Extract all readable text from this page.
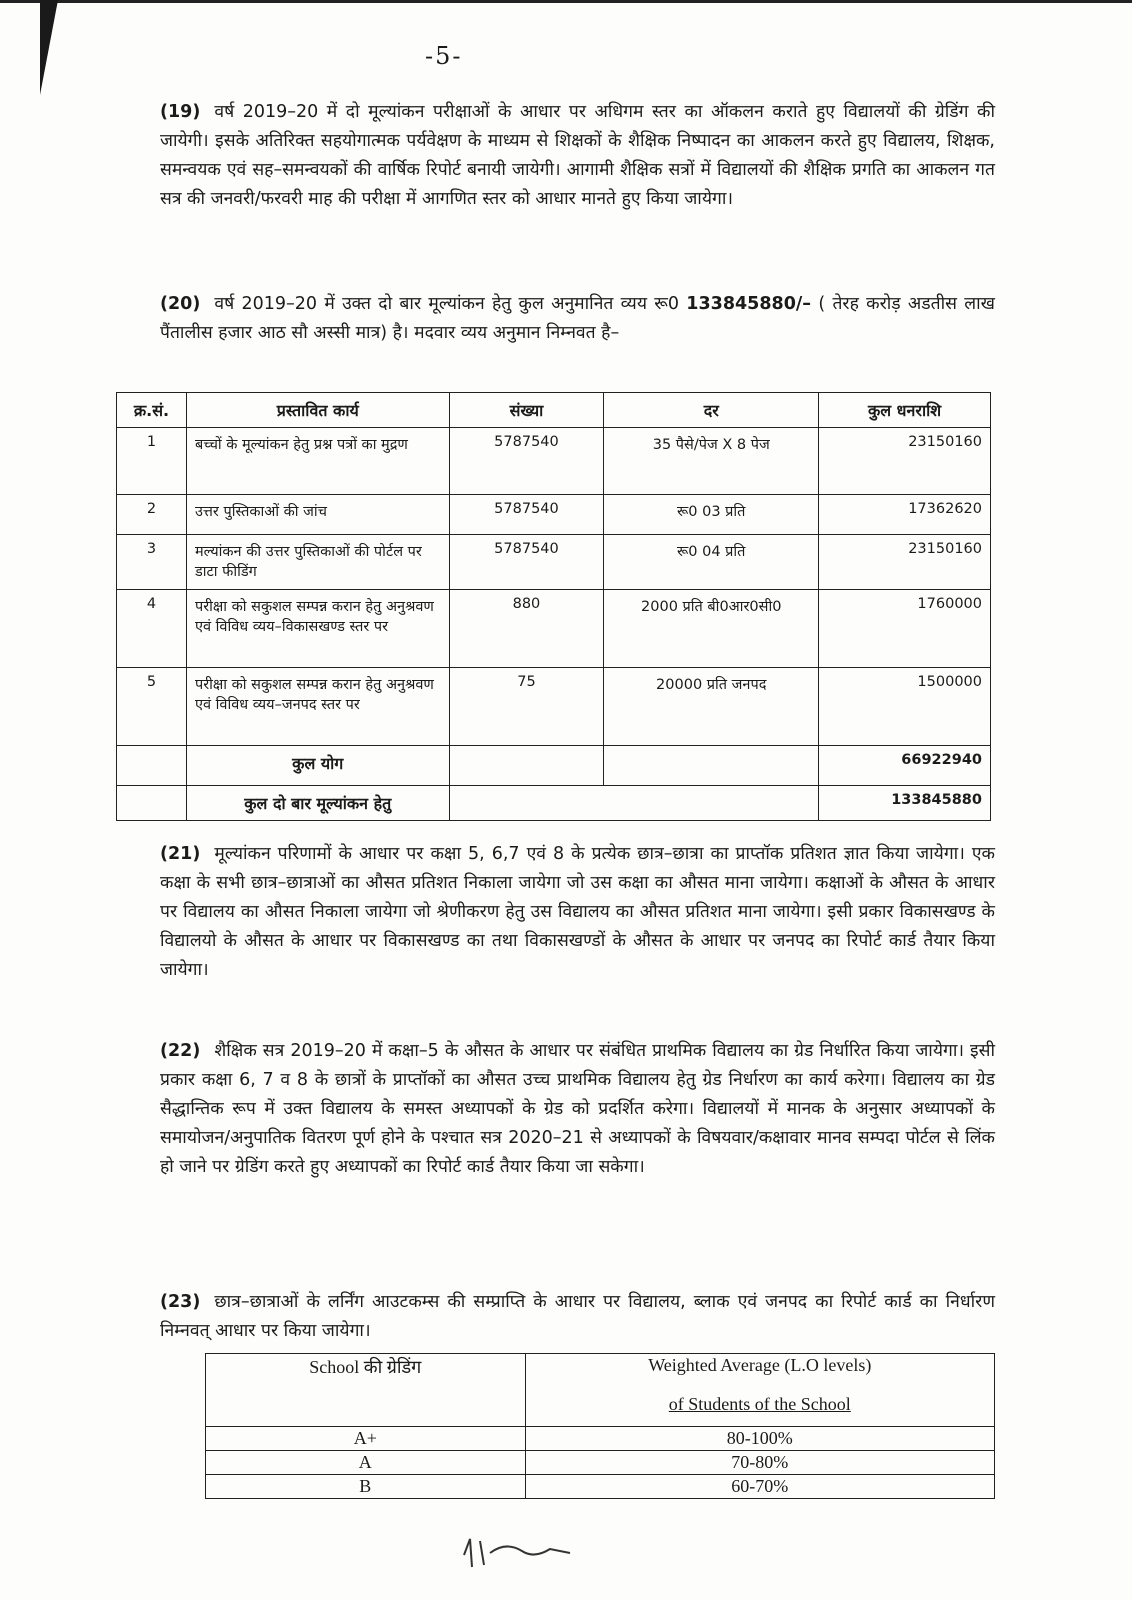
-5-
(19) वर्ष 2019–20 में दो मूल्यांकन परीक्षाओं के आधार पर अधिगम स्तर का ऑकलन कराते हुए विद्यालयों की ग्रेडिंग की जायेगी। इसके अतिरिक्त सहयोगात्मक पर्यवेक्षण के माध्यम से शिक्षकों के शैक्षिक निष्पादन का आकलन करते हुए विद्यालय, शिक्षक, समन्वयक एवं सह–समन्वयकों की वार्षिक रिपोर्ट बनायी जायेगी। आगामी शैक्षिक सत्रों में विद्यालयों की शैक्षिक प्रगति का आकलन गत सत्र की जनवरी/फरवरी माह की परीक्षा में आगणित स्तर को आधार मानते हुए किया जायेगा।
(20) वर्ष 2019–20 में उक्त दो बार मूल्यांकन हेतु कुल अनुमानित व्यय रू0 133845880/– ( तेरह करोड़ अडतीस लाख पैंतालीस हजार आठ सौ अस्सी मात्र) है। मदवार व्यय अनुमान निम्नवत है–
क्र.सं.	प्रस्तावित कार्य	संख्या	दर	कुल धनराशि
1	बच्चों के मूल्यांकन हेतु प्रश्न पत्रों का मुद्रण	5787540	35 पैसे/पेज X 8 पेज	23150160
2	उत्तर पुस्तिकाओं की जांच	5787540	रू0 03 प्रति	17362620
3	मल्यांकन की उत्तर पुस्तिकाओं की पोर्टल पर डाटा फीडिंग	5787540	रू0 04 प्रति	23150160
4	परीक्षा को सकुशल सम्पन्न करान हेतु अनुश्रवण एवं विविध व्यय–विकासखण्ड स्तर पर	880	2000 प्रति बी0आर0सी0	1760000
5	परीक्षा को सकुशल सम्पन्न करान हेतु अनुश्रवण एवं विविध व्यय–जनपद स्तर पर	75	20000 प्रति जनपद	1500000
	कुल योग			66922940
	कुल दो बार मूल्यांकन हेतु			133845880
(21) मूल्यांकन परिणामों के आधार पर कक्षा 5, 6,7 एवं 8 के प्रत्येक छात्र–छात्रा का प्राप्तॉक प्रतिशत ज्ञात किया जायेगा। एक कक्षा के सभी छात्र–छात्राओं का औसत प्रतिशत निकाला जायेगा जो उस कक्षा का औसत माना जायेगा। कक्षाओं के औसत के आधार पर विद्यालय का औसत निकाला जायेगा जो श्रेणीकरण हेतु उस विद्यालय का औसत प्रतिशत माना जायेगा। इसी प्रकार विकासखण्ड के विद्यालयो के औसत के आधार पर विकासखण्ड का तथा विकासखण्डों के औसत के आधार पर जनपद का रिपोर्ट कार्ड तैयार किया जायेगा।
(22) शैक्षिक सत्र 2019–20 में कक्षा–5 के औसत के आधार पर संबंधित प्राथमिक विद्यालय का ग्रेड निर्धारित किया जायेगा। इसी प्रकार कक्षा 6, 7 व 8 के छात्रों के प्राप्तॉकों का औसत उच्च प्राथमिक विद्यालय हेतु ग्रेड निर्धारण का कार्य करेगा। विद्यालय का ग्रेड सैद्धान्तिक रूप में उक्त विद्यालय के समस्त अध्यापकों के ग्रेड को प्रदर्शित करेगा। विद्यालयों में मानक के अनुसार अध्यापकों के समायोजन/अनुपातिक वितरण पूर्ण होने के पश्चात सत्र 2020–21 से अध्यापकों के विषयवार/कक्षावार मानव सम्पदा पोर्टल से लिंक हो जाने पर ग्रेडिंग करते हुए अध्यापकों का रिपोर्ट कार्ड तैयार किया जा सकेगा।
(23) छात्र–छात्राओं के लर्निंग आउटकम्स की सम्प्राप्ति के आधार पर विद्यालय, ब्लाक एवं जनपद का रिपोर्ट कार्ड का निर्धारण निम्नवत् आधार पर किया जायेगा।
School की ग्रेडिंग	Weighted Average (L.O levels)
of Students of the School

A+	80-100%
A	70-80%
B	60-70%
